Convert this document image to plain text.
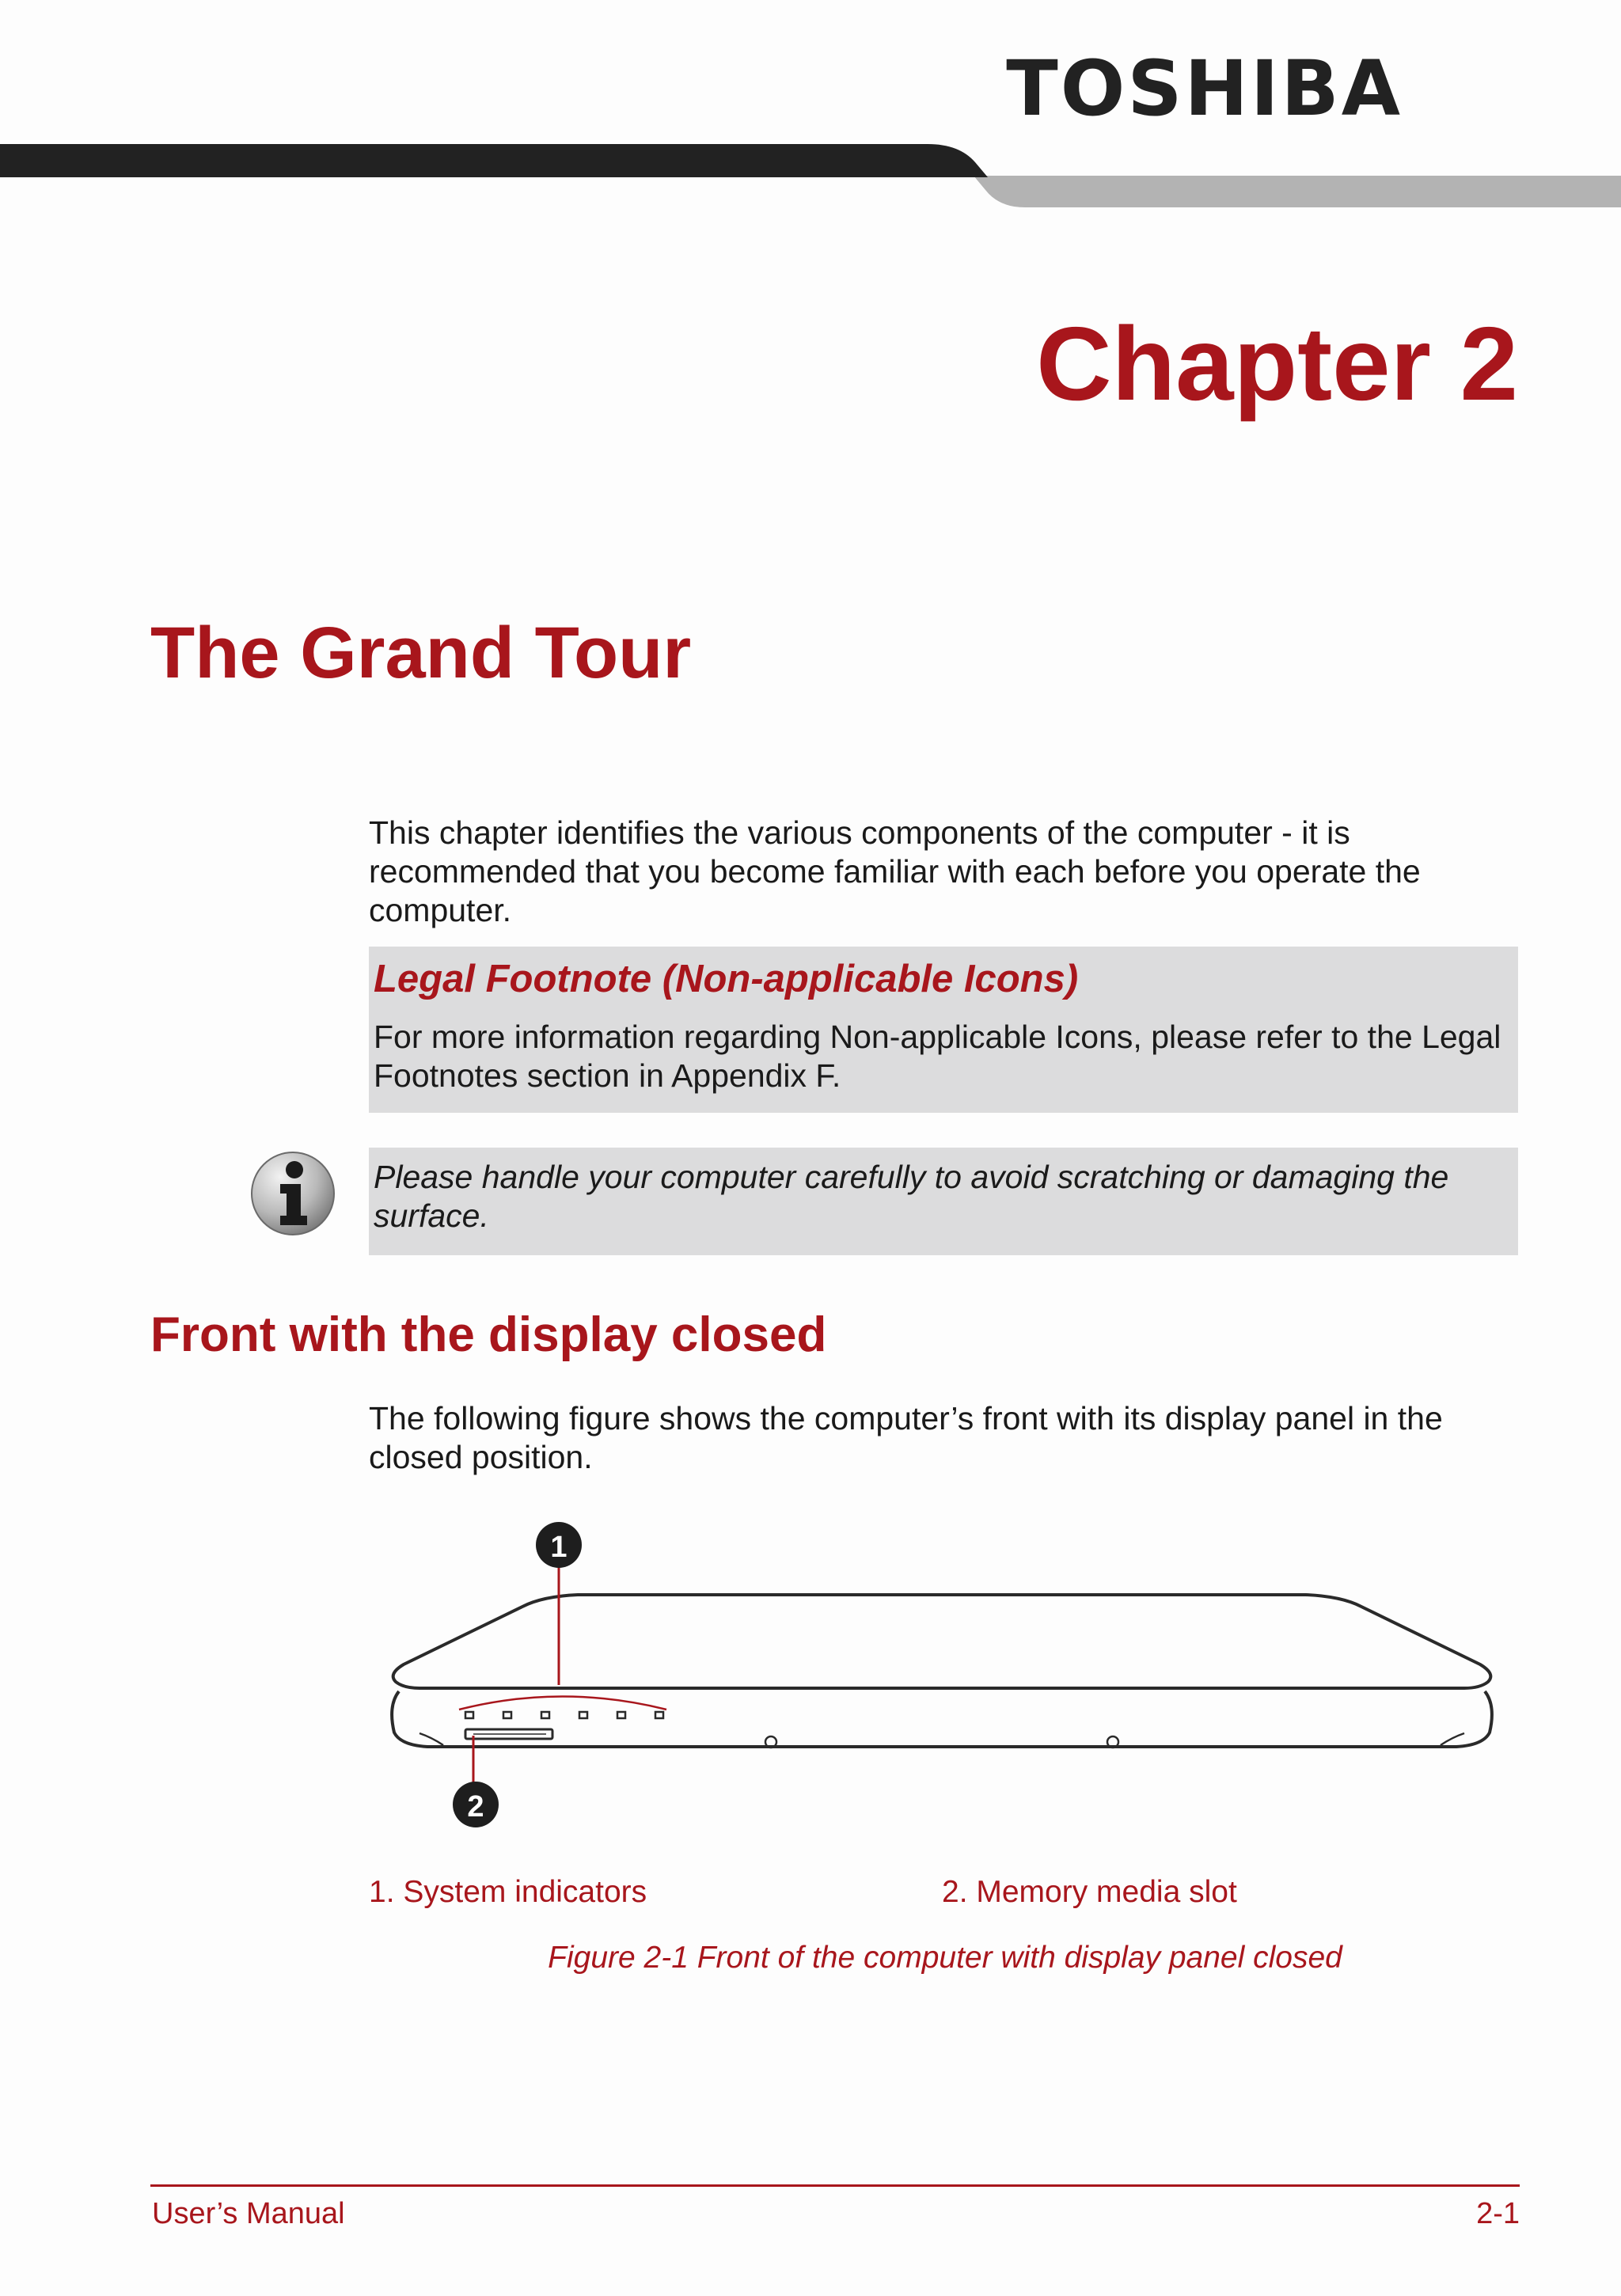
TOSHIBA
Chapter 2
The Grand Tour
This chapter identifies the various components of the computer - it is recommended that you become familiar with each before you operate the computer.
Legal Footnote (Non-applicable Icons)
For more information regarding Non-applicable Icons, please refer to the Legal Footnotes section in Appendix F.
Please handle your computer carefully to avoid scratching or damaging the surface.
Front with the display closed
The following figure shows the computer’s front with its display panel in the closed position.
1
2
1. System indicators	2. Memory media slot
Figure 2-1 Front of the computer with display panel closed
User’s Manual	2-1
